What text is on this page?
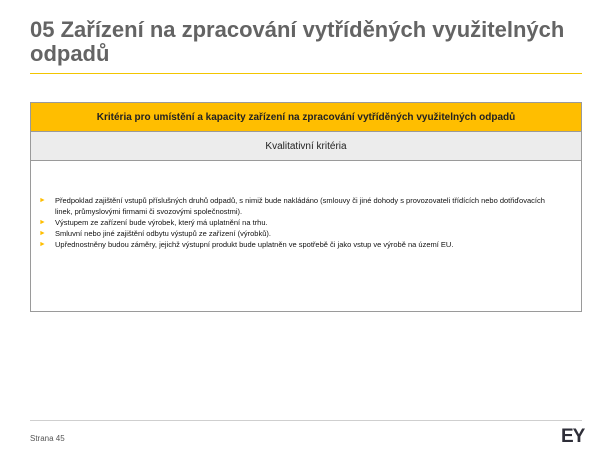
05 Zařízení na zpracování vytříděných využitelných odpadů
Kritéria pro umístění a kapacity zařízení na zpracování vytříděných využitelných odpadů
Kvalitativní kritéria
► Předpoklad zajištění vstupů příslušných druhů odpadů, s nimiž bude nakládáno (smlouvy či jiné dohody s provozovateli třídících nebo dotřiďovacích linek, průmyslovými firmami či svozovými společnostmi).
► Výstupem ze zařízení bude výrobek, který má uplatnění na trhu.
► Smluvní nebo jiné zajištění odbytu výstupů ze zařízení (výrobků).
► Upřednostněny budou záměry, jejichž výstupní produkt bude uplatněn ve spotřebě či jako vstup ve výrobě na území EU.
Strana 45	EY
